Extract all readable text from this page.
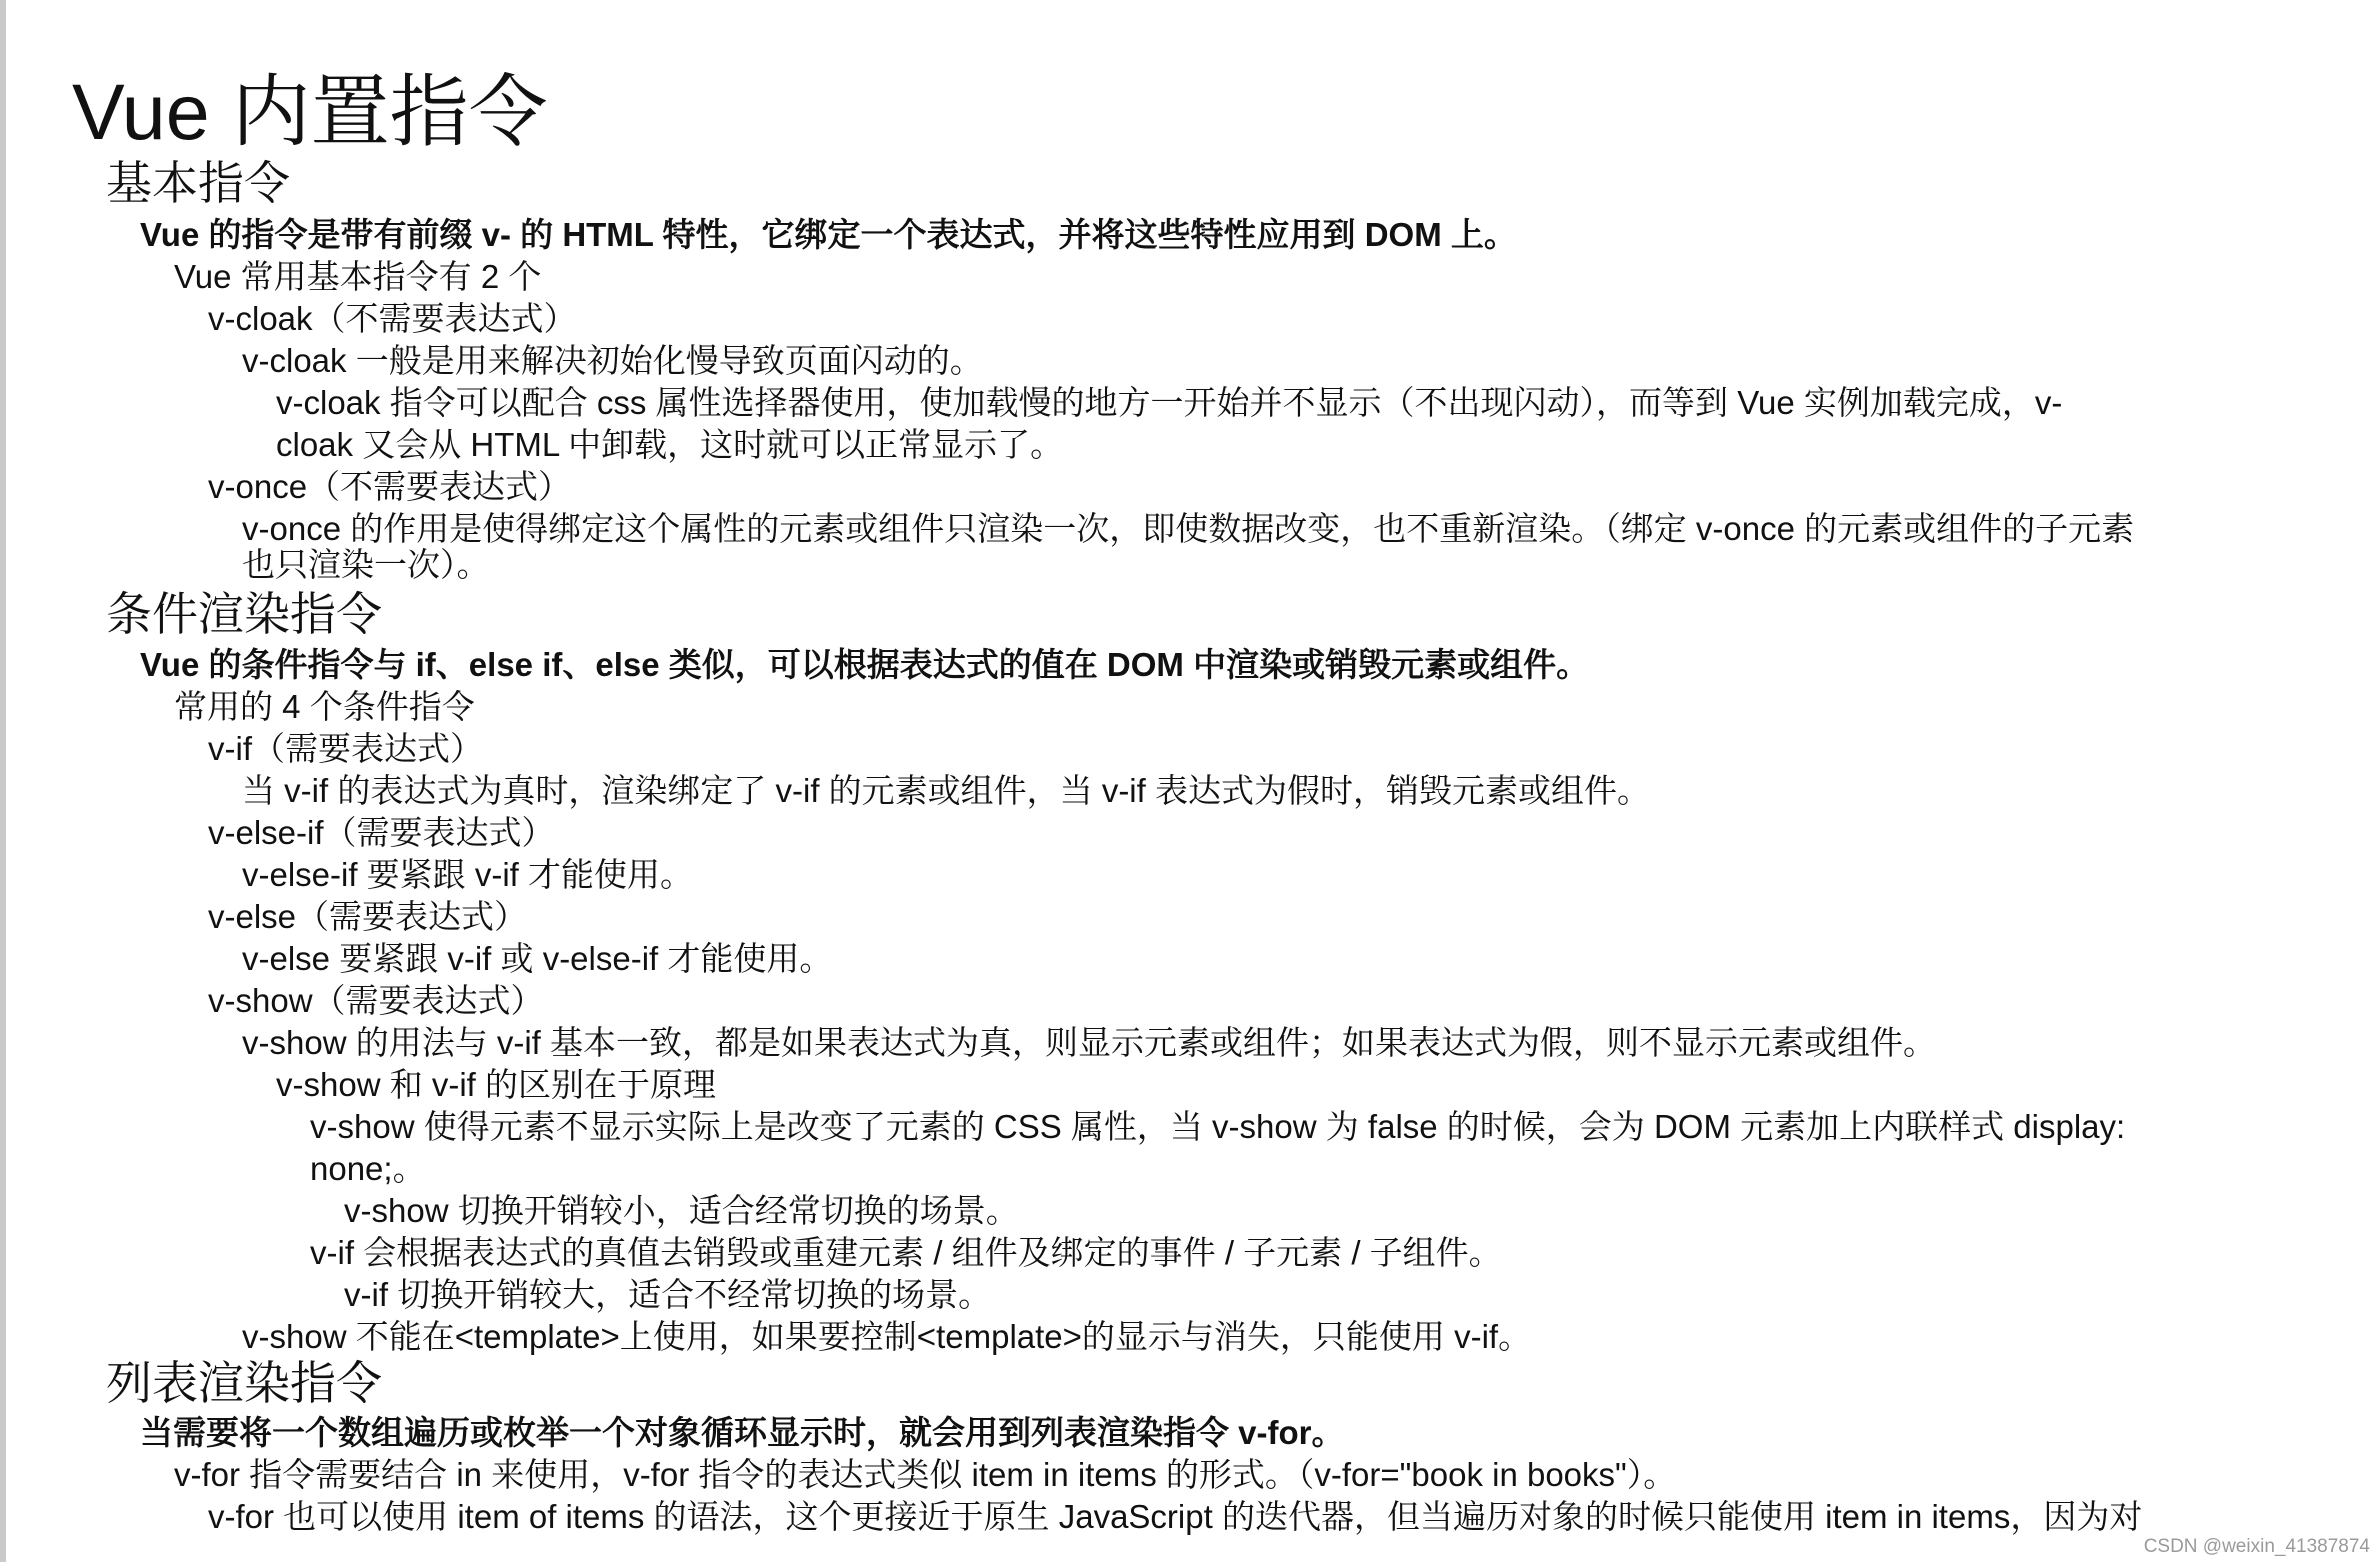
Vue 内置指令
基本指令
Vue 的指令是带有前缀 v- 的 HTML 特性，它绑定一个表达式，并将这些特性应用到 DOM 上。
Vue 常用基本指令有 2 个
v-cloak（不需要表达式）
v-cloak 一般是用来解决初始化慢导致页面闪动的。
v-cloak 指令可以配合 css 属性选择器使用，使加载慢的地方一开始并不显示（不出现闪动），而等到 Vue 实例加载完成，v-
cloak 又会从 HTML 中卸载，这时就可以正常显示了。
v-once（不需要表达式）
v-once 的作用是使得绑定这个属性的元素或组件只渲染一次，即使数据改变，也不重新渲染。（绑定 v-once 的元素或组件的子元素
也只渲染一次）。
条件渲染指令
Vue 的条件指令与 if、else if、else 类似，可以根据表达式的值在 DOM 中渲染或销毁元素或组件。
常用的 4 个条件指令
v-if（需要表达式）
当 v-if 的表达式为真时，渲染绑定了 v-if 的元素或组件，当 v-if 表达式为假时，销毁元素或组件。
v-else-if（需要表达式）
v-else-if 要紧跟 v-if 才能使用。
v-else（需要表达式）
v-else 要紧跟 v-if 或 v-else-if 才能使用。
v-show（需要表达式）
v-show 的用法与 v-if 基本一致，都是如果表达式为真，则显示元素或组件；如果表达式为假，则不显示元素或组件。
v-show 和 v-if 的区别在于原理
v-show 使得元素不显示实际上是改变了元素的 CSS 属性，当 v-show 为 false 的时候，会为 DOM 元素加上内联样式 display:
none;。
v-show 切换开销较小，适合经常切换的场景。
v-if 会根据表达式的真值去销毁或重建元素 / 组件及绑定的事件 / 子元素 / 子组件。
v-if 切换开销较大，适合不经常切换的场景。
v-show 不能在<template>上使用，如果要控制<template>的显示与消失，只能使用 v-if。
列表渲染指令
当需要将一个数组遍历或枚举一个对象循环显示时，就会用到列表渲染指令 v-for。
v-for 指令需要结合 in 来使用，v-for 指令的表达式类似 item in items 的形式。（v-for="book in books"）。
v-for 也可以使用 item of items 的语法，这个更接近于原生 JavaScript 的迭代器，但当遍历对象的时候只能使用 item in items，因为对
CSDN @weixin_41387874
